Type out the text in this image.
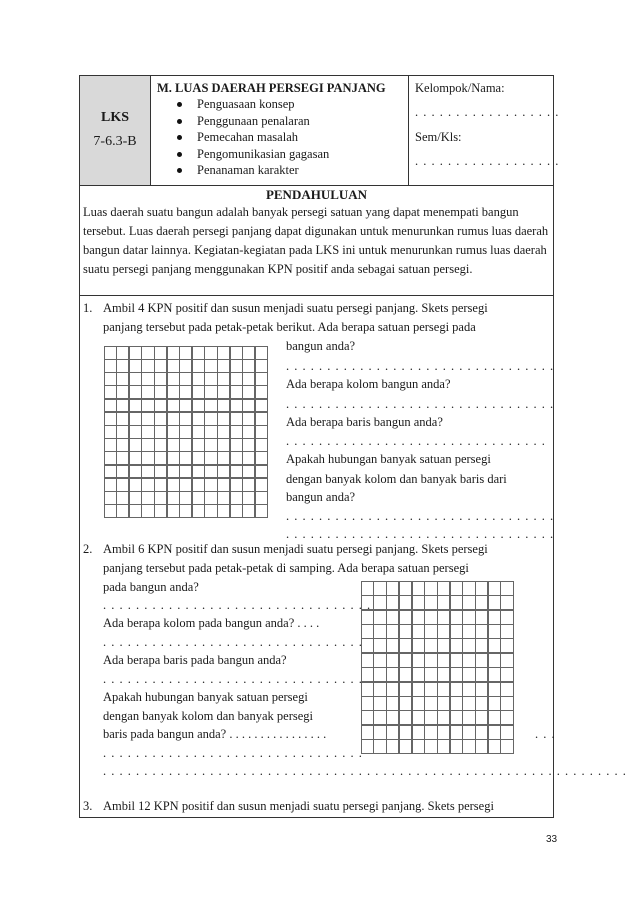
LKS
7-6.3-B
M. LUAS DAERAH PERSEGI PANJANG
Penguasaan konsep
Penggunaan penalaran
Pemecahan masalah
Pengomunikasian gagasan
Penanaman karakter
Kelompok/Nama:
. . . . . . . . . . . . . . . . . .
Sem/Kls:
. . . . . . . . . . . . . . . . . .
PENDAHULUAN
Luas daerah suatu bangun adalah banyak persegi satuan yang dapat menempati bangun tersebut. Luas daerah persegi panjang dapat digunakan untuk menurunkan rumus luas daerah bangun datar lainnya. Kegiatan-kegiatan pada LKS ini untuk menurunkan rumus luas daerah suatu persegi panjang menggunakan KPN positif anda sebagai satuan persegi.
1. Ambil 4 KPN positif dan susun menjadi suatu persegi panjang. Skets persegi
panjang tersebut pada petak-petak berikut. Ada berapa satuan persegi pada
bangun anda?
. . . . . . . . . . . . . . . . . . . . . . . . . . . . . . . . .
Ada berapa kolom bangun anda?
. . . . . . . . . . . . . . . . . . . . . . . . . . . . . . . . .
Ada berapa baris bangun anda?
. . . . . . . . . . . . . . . . . . . . . . . . . . . . . . . .
Apakah hubungan banyak satuan persegi
dengan banyak kolom dan banyak baris dari
bangun anda?
. . . . . . . . . . . . . . . . . . . . . . . . . . . . . . . . .
. . . . . . . . . . . . . . . . . . . . . . . . . . . . . . . . .
2. Ambil 6 KPN positif dan susun menjadi suatu persegi panjang. Skets persegi
panjang tersebut pada petak-petak di samping. Ada berapa satuan persegi
pada bangun anda?
. . . . . . . . . . . . . . . . . . . . . . . . . . . . . . . . .
Ada berapa kolom pada bangun anda? . . . .
. . . . . . . . . . . . . . . . . . . . . . . . . . . . . . . .
Ada berapa baris pada bangun anda?
. . . . . . . . . . . . . . . . . . . . . . . . . . . . . . . . .
Apakah hubungan banyak satuan persegi
dengan banyak kolom dan banyak persegi
baris pada bangun anda? . . . . . . . . . . . . . . . .	. . .
. . . . . . . . . . . . . . . . . . . . . . . . . . . . . . . .
. . . . . . . . . . . . . . . . . . . . . . . . . . . . . . . . . . . . . . . . . . . . . . . . . . . . . . . . . . . . . . . .
3. Ambil 12 KPN positif dan susun menjadi suatu persegi panjang. Skets persegi
33
